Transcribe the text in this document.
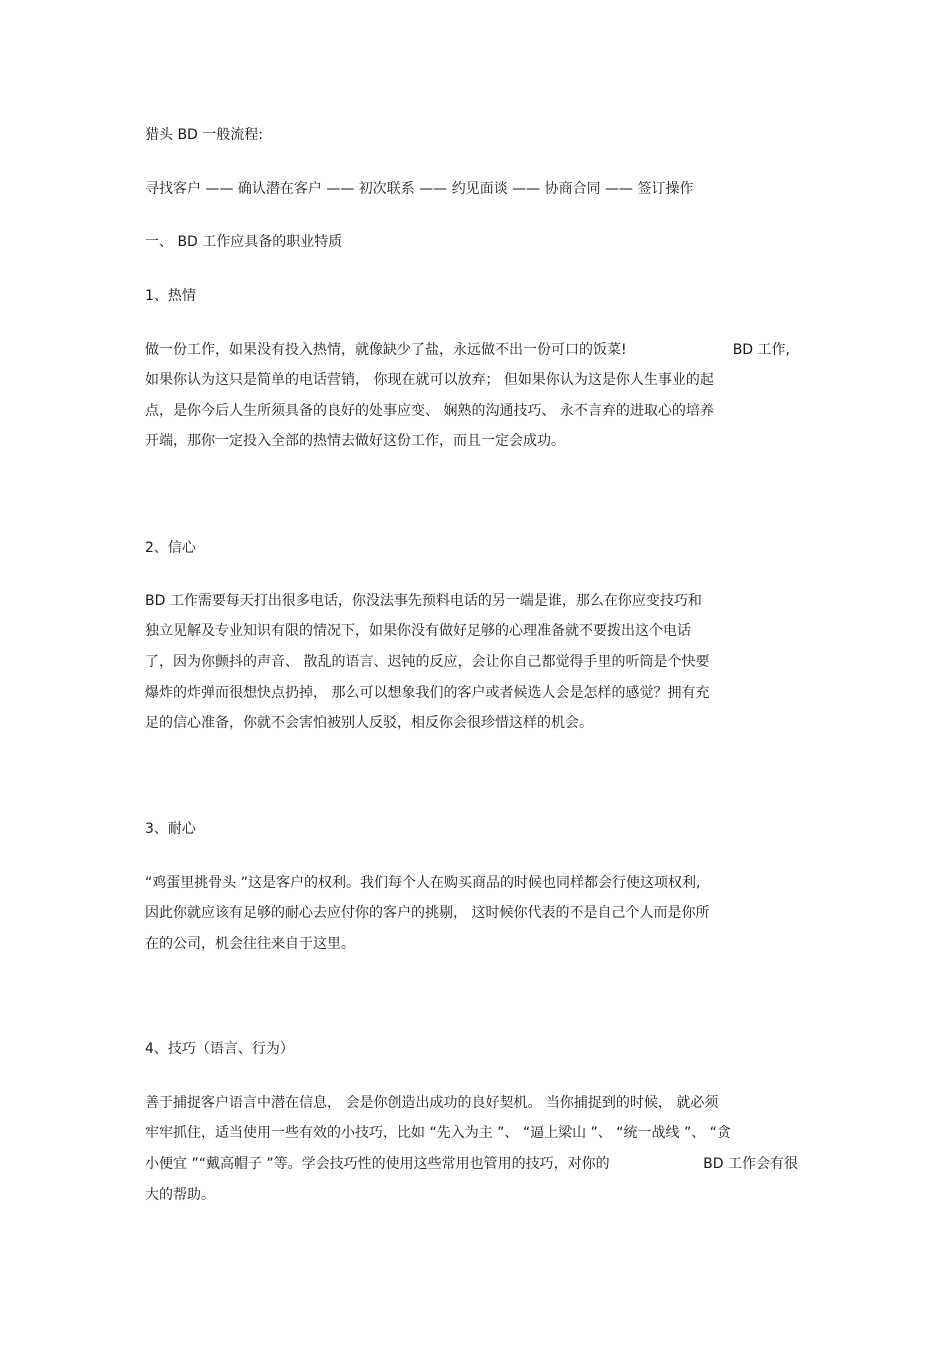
猎头 BD 一般流程:

寻找客户 —— 确认潜在客户 —— 初次联系 —— 约见面谈 —— 协商合同 —— 签订操作

一、 BD 工作应具备的职业特质

1、热情

做一份工作，如果没有投入热情，就像缺少了盐，永远做不出一份可口的饭菜!	BD 工作,

如果你认为这只是简单的电话营销， 你现在就可以放弃； 但如果你认为这是你人生事业的起

点，是你今后人生所须具备的良好的处事应变、 娴熟的沟通技巧、 永不言弃的进取心的培养

开端，那你一定投入全部的热情去做好这份工作，而且一定会成功。

2、信心

BD 工作需要每天打出很多电话，你没法事先预料电话的另一端是谁，那么在你应变技巧和

独立见解及专业知识有限的情况下，如果你没有做好足够的心理准备就不要拨出这个电话

了，因为你颤抖的声音、 散乱的语言、迟钝的反应，会让你自己都觉得手里的听筒是个快要

爆炸的炸弹而很想快点扔掉， 那么可以想象我们的客户或者候选人会是怎样的感觉？拥有充

足的信心准备，你就不会害怕被别人反驳，相反你会很珍惜这样的机会。

3、耐心

“鸡蛋里挑骨头 ”这是客户的权利。我们每个人在购买商品的时候也同样都会行使这项权利,

因此你就应该有足够的耐心去应付你的客户的挑剔， 这时候你代表的不是自己个人而是你所

在的公司，机会往往来自于这里。

4、技巧（语言、行为）

善于捕捉客户语言中潜在信息， 会是你创造出成功的良好契机。 当你捕捉到的时候， 就必须

牢牢抓住，适当使用一些有效的小技巧，比如 “先入为主 ”、 “逼上梁山 ”、 “统一战线 ”、 “贪

小便宜 ”“戴高帽子 ”等。学会技巧性的使用这些常用也管用的技巧，对你的	BD 工作会有很

大的帮助。
